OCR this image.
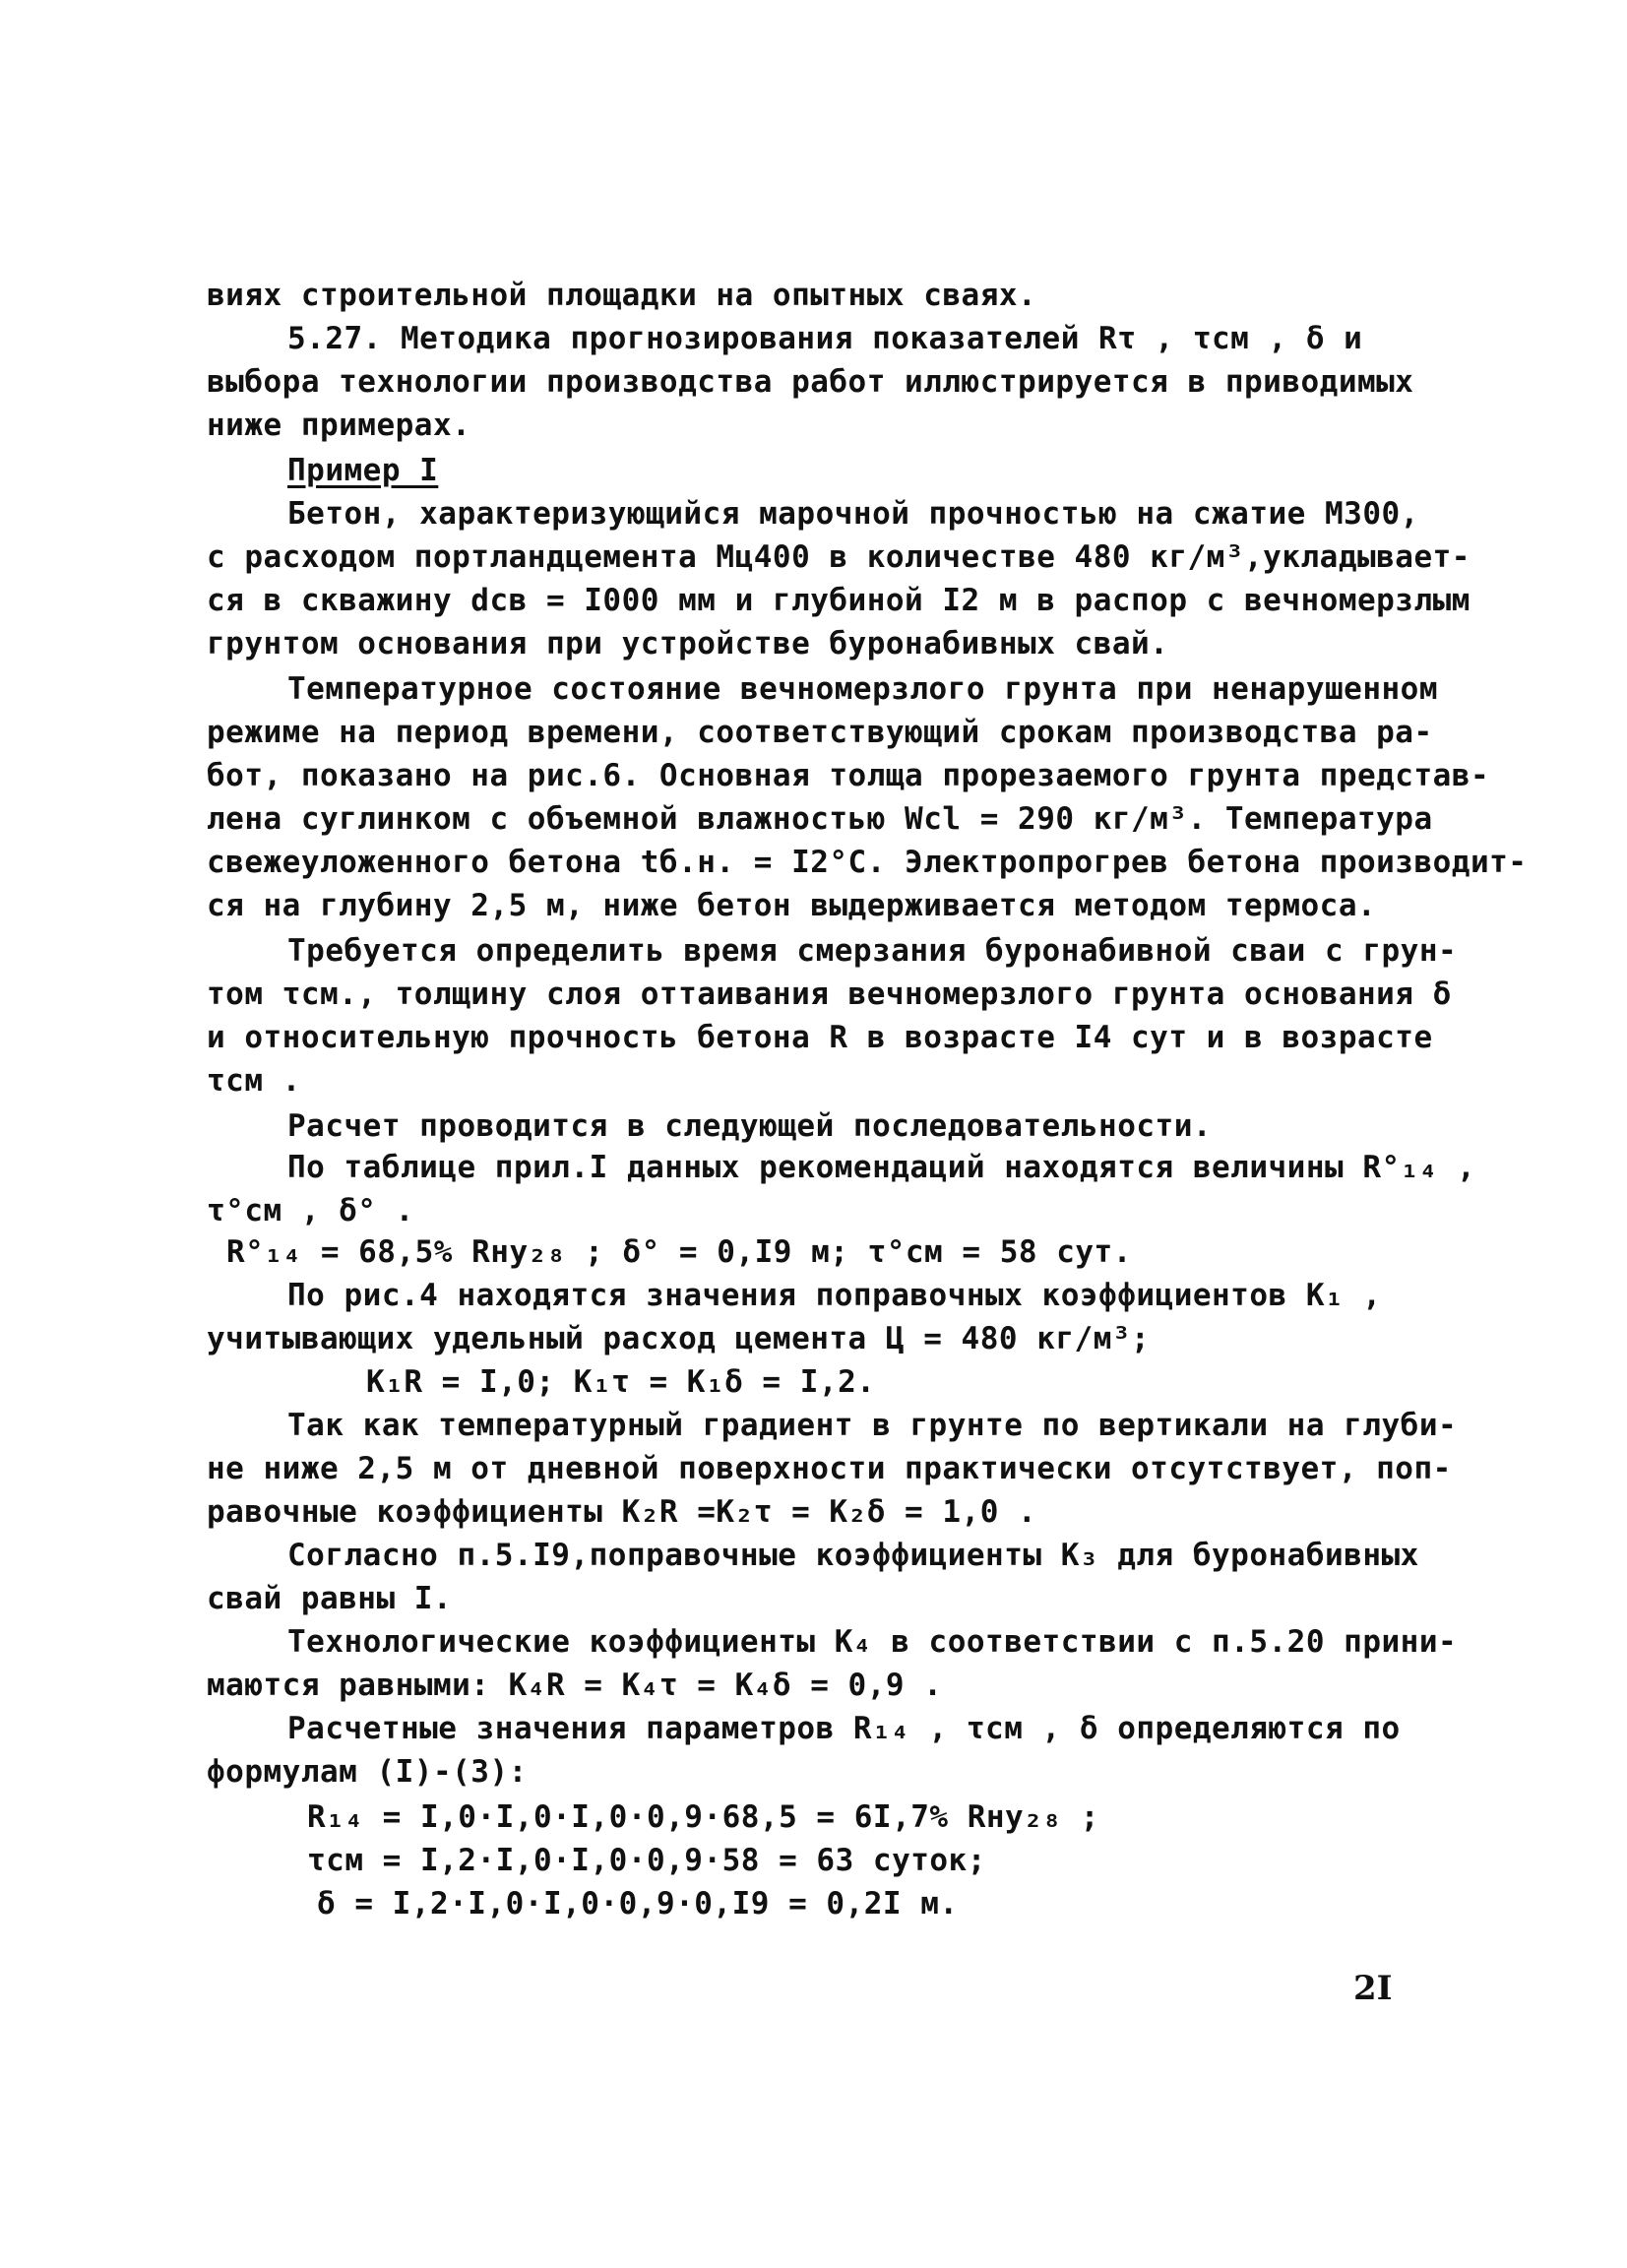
виях строительной площадки на опытных сваях.
5.27. Методика прогнозирования показателей Rτ , τсм , δ и
выбора технологии производства работ иллюстрируется в приводимых
ниже примерах.
Пример I
Бетон, характеризующийся марочной прочностью на сжатие М300,
с расходом портландцемента Мц400 в количестве 480 кг/м³,укладывает-
ся в скважину dсв = I000 мм и глубиной I2 м в распор с вечномерзлым
грунтом основания при устройстве буронабивных свай.
Температурное состояние вечномерзлого грунта при ненарушенном
режиме на период времени, соответствующий срокам производства ра-
бот, показано на рис.6. Основная толща прорезаемого грунта представ-
лена суглинком с объемной влажностью Wсl = 290 кг/м³. Температура
свежеуложенного бетона tб.н. = I2°С. Электропрогрев бетона производит-
ся на глубину 2,5 м, ниже бетон выдерживается методом термоса.
Требуется определить время смерзания буронабивной сваи с грун-
том τсм., толщину слоя оттаивания вечномерзлого грунта основания δ
и относительную прочность бетона R в возрасте I4 сут и в возрасте
τсм .
Расчет проводится в следующей последовательности.
По таблице прил.I данных рекомендаций находятся величины R°₁₄ ,
τ°см , δ° .
R°₁₄ = 68,5% Rну₂₈ ; δ° = 0,I9 м; τ°см = 58 сут.
По рис.4 находятся значения поправочных коэффициентов K₁ ,
учитывающих удельный расход цемента Ц = 480 кг/м³;
K₁R = I,0; K₁τ = K₁δ = I,2.
Так как температурный градиент в грунте по вертикали на глуби-
не ниже 2,5 м от дневной поверхности практически отсутствует, поп-
равочные коэффициенты K₂R =K₂τ = K₂δ = 1,0 .
Согласно п.5.I9,поправочные коэффициенты K₃ для буронабивных
свай равны I.
Технологические коэффициенты K₄ в соответствии с п.5.20 прини-
маются равными: K₄R = K₄τ = K₄δ = 0,9 .
Расчетные значения параметров R₁₄ , τсм , δ определяются по
формулам (I)-(3):
R₁₄ = I,0·I,0·I,0·0,9·68,5 = 6I,7% Rну₂₈ ;
τсм = I,2·I,0·I,0·0,9·58 = 63 суток;
δ = I,2·I,0·I,0·0,9·0,I9 = 0,2I м.
2I
